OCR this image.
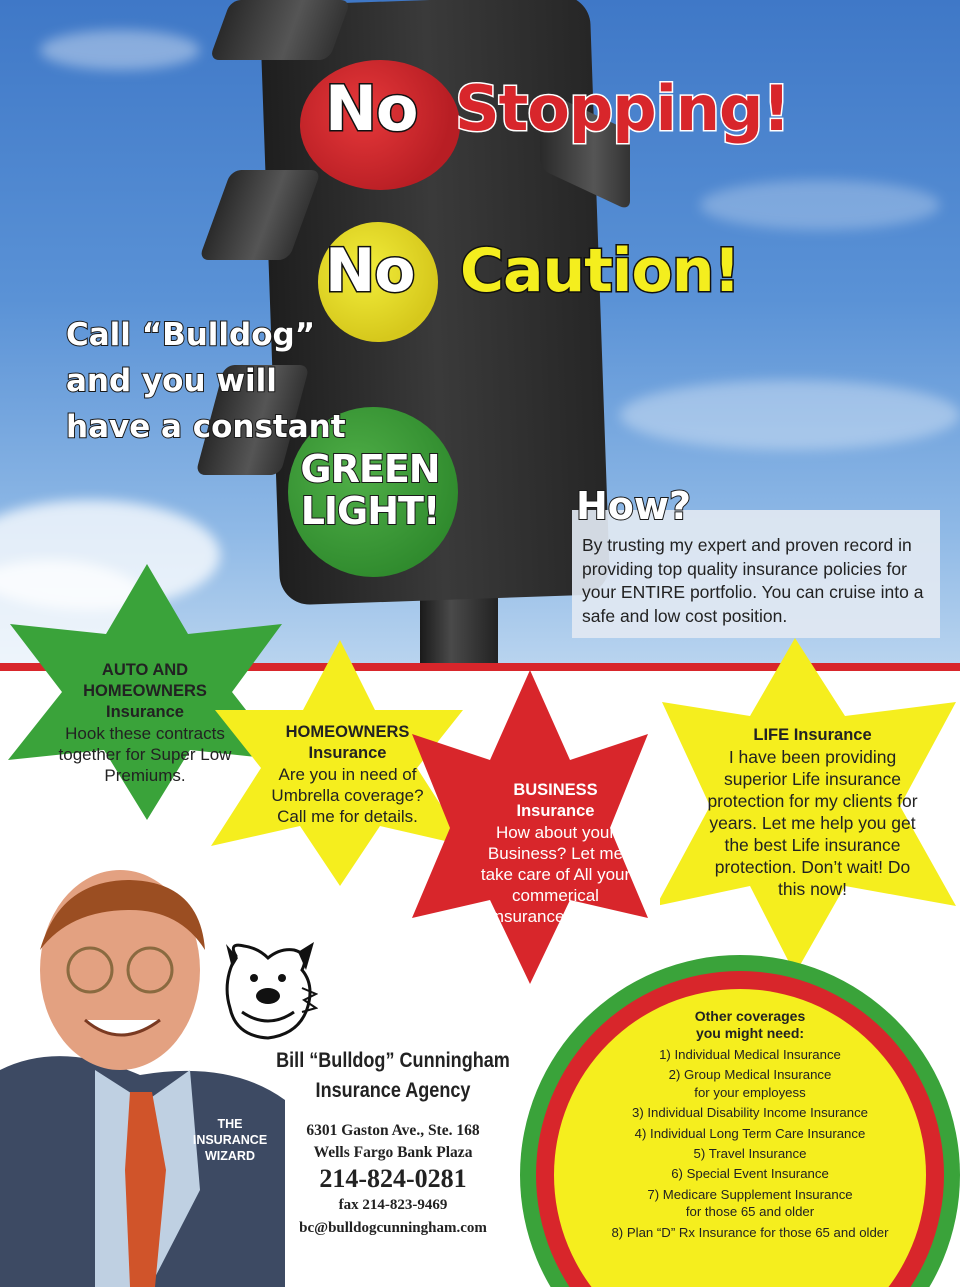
No Stopping!
No Caution!
Call “Bulldog”
and you will
have a constant
GREEN
LIGHT!
By trusting my expert and proven record in providing top quality insurance policies for your ENTIRE portfolio. You can cruise into a safe and low cost position.
How?
AUTO AND HOMEOWNERS Insurance
Hook these contracts together for Super Low Premiums.
HOMEOWNERS Insurance
Are you in need of Umbrella coverage? Call me for details.
BUSINESS Insurance
How about your Business? Let me take care of All your commerical insurance needs.
LIFE Insurance
I have been providing superior Life insurance protection for my clients for years. Let me help you get the best Life insurance protection. Don’t wait! Do this now!
THE
INSURANCE
WIZARD
Bill “Bulldog” Cunningham
Insurance Agency
6301 Gaston Ave., Ste. 168
Wells Fargo Bank Plaza
214-824-0281
fax 214-823-9469
bc@bulldogcunningham.com
Other coverages
you might need:
1) Individual Medical Insurance
2) Group Medical Insurance
for your employess
3) Individual Disability Income Insurance
4) Individual Long Term Care Insurance
5) Travel Insurance
6) Special Event Insurance
7) Medicare Supplement Insurance
for those 65 and older
8) Plan “D” Rx Insurance for those 65 and older
